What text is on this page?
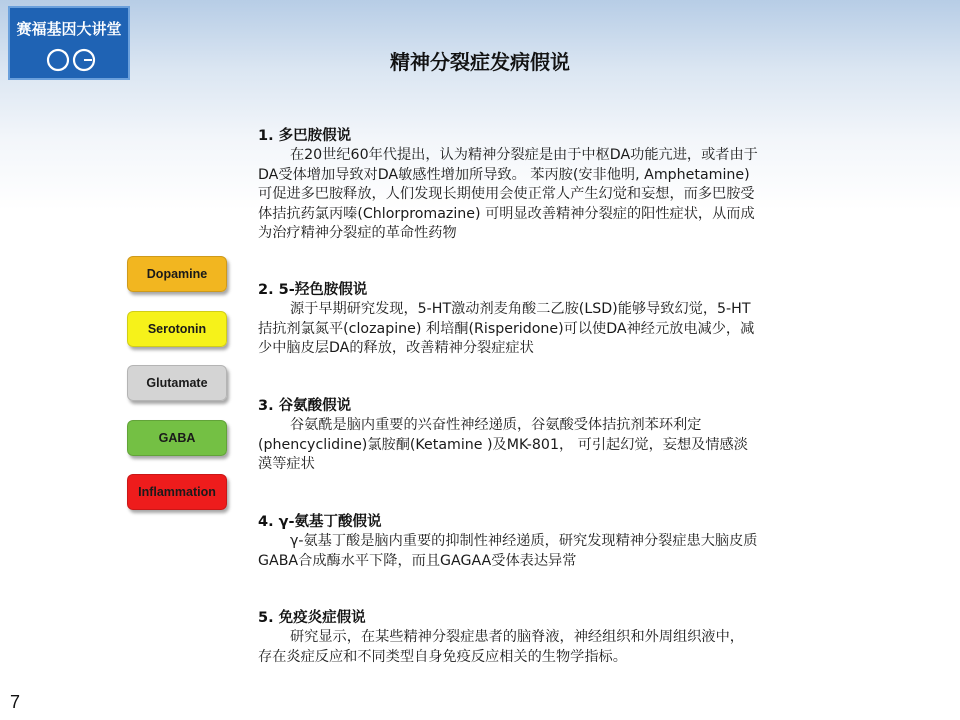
赛福基因大讲堂
精神分裂症发病假说
Dopamine
Serotonin
Glutamate
GABA
Inflammation
1. 多巴胺假说

在20世纪60年代提出，认为精神分裂症是由于中枢DA功能亢进，或者由于DA受体增加导致对DA敏感性增加所导致。 苯丙胺(安非他明, Amphetamine) 可促进多巴胺释放，人们发现长期使用会使正常人产生幻觉和妄想，而多巴胺受体拮抗药氯丙嗪(Chlorpromazine) 可明显改善精神分裂症的阳性症状，从而成为治疗精神分裂症的革命性药物

2. 5-羟色胺假说

源于早期研究发现，5-HT激动剂麦角酸二乙胺(LSD)能够导致幻觉，5-HT拮抗剂氯氮平(clozapine) 利培酮(Risperidone)可以使DA神经元放电减少，减少中脑皮层DA的释放，改善精神分裂症症状

3. 谷氨酸假说

谷氨酰是脑内重要的兴奋性神经递质，谷氨酸受体拮抗剂苯环利定(phencyclidine)氯胺酮(Ketamine )及MK-801， 可引起幻觉，妄想及情感淡漠等症状

4. γ-氨基丁酸假说

γ-氨基丁酸是脑内重要的抑制性神经递质，研究发现精神分裂症患大脑皮质GABA合成酶水平下降，而且GAGAA受体表达异常

5. 免疫炎症假说

研究显示，在某些精神分裂症患者的脑脊液，神经组织和外周组织液中，存在炎症反应和不同类型自身免疫反应相关的生物学指标。

7
